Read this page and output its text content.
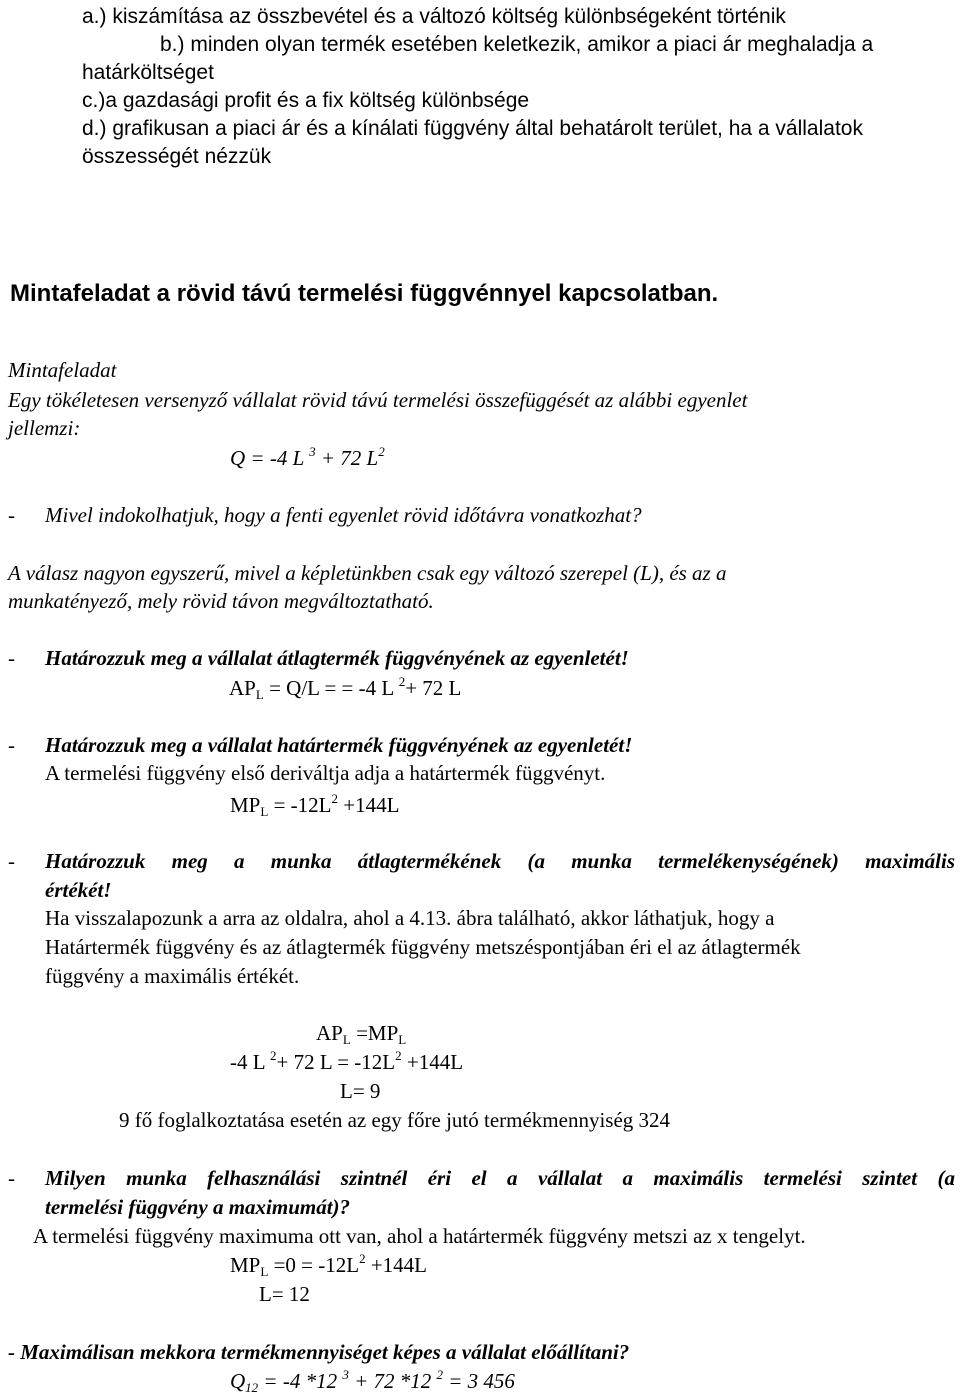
a.) kiszámítása az összbevétel és a változó költség különbségeként történik
b.) minden olyan termék esetében keletkezik, amikor a piaci ár meghaladja a
határköltséget
c.)a gazdasági profit és a fix költség különbsége
d.) grafikusan a piaci ár és a kínálati függvény által behatárolt terület, ha a vállalatok
összességét nézzük
Mintafeladat a rövid távú termelési függvénnyel kapcsolatban.
Mintafeladat
Egy tökéletesen versenyző vállalat rövid távú termelési összefüggését az alábbi egyenlet
jellemzi:
Q = -4 L $^3$ + 72 $L^2$
- Mivel indokolhatjuk, hogy a fenti egyenlet rövid időtávra vonatkozhat?
A válasz nagyon egyszerű, mivel a képletünkben csak egy változó szerepel (L), és az a
munkatényező, mely rövid távon megváltoztatható.
- Határozzuk meg a vállalat átlagtermék függvényének az egyenletét!
$AP_L = Q/L$ = = -4 L $^2$+ 72 L
- Határozzuk meg a vállalat határtermék függvényének az egyenletét!
A termelési függvény első deriváltja adja a határtermék függvényt.
$MP_L = -12L^2 +144L$
- Határozzuk meg a munka átlagtermékének (a munka termelékenységének) maximális
értékét!
Ha visszalapozunk a arra az oldalra, ahol a 4.13. ábra található, akkor láthatjuk, hogy a
Határtermék függvény és az átlagtermék függvény metszéspontjában éri el az átlagtermék
függvény a maximális értékét.
$AP_L =MP_L$
-4 L $^2$+ 72 $L = -12L^2 +144L$
L= 9
9 fő foglalkoztatása esetén az egy főre jutó termékmennyiség 324
- Milyen munka felhasználási szintnél éri el a vállalat a maximális termelési szintet (a
termelési függvény a maximumát)?
A termelési függvény maximuma ott van, ahol a határtermék függvény metszi az x tengelyt.
$MP_L =0 = -12L^2 +144L$
L= 12
- Maximálisan mekkora termékmennyiséget képes a vállalat előállítani?
$Q_{12} = -4$ *12 $^3$ + 72 *12 $^2$ = 3 456
